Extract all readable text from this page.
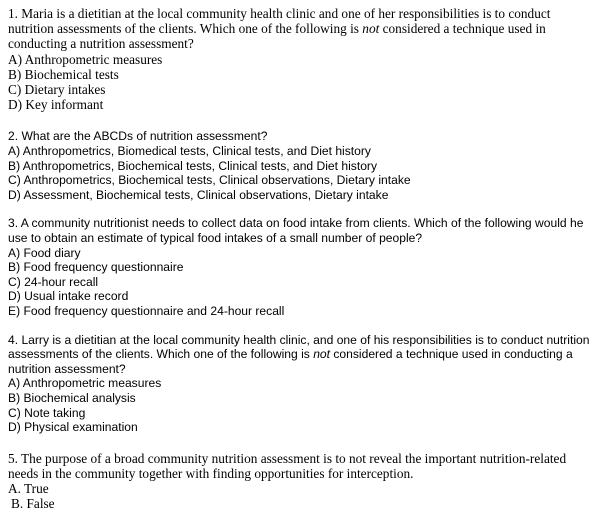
1. Maria is a dietitian at the local community health clinic and one of her responsibilities is to conduct nutrition assessments of the clients. Which one of the following is not considered a technique used in conducting a nutrition assessment?

A) Anthropometric measures
B) Biochemical tests
C) Dietary intakes
D) Key informant

2. What are the ABCDs of nutrition assessment?

A) Anthropometrics, Biomedical tests, Clinical tests, and Diet history
B) Anthropometrics, Biochemical tests, Clinical tests, and Diet history
C) Anthropometrics, Biochemical tests, Clinical observations, Dietary intake
D) Assessment, Biochemical tests, Clinical observations, Dietary intake

3. A community nutritionist needs to collect data on food intake from clients. Which of the following would he use to obtain an estimate of typical food intakes of a small number of people?

A) Food diary
B) Food frequency questionnaire
C) 24-hour recall
D) Usual intake record
E) Food frequency questionnaire and 24-hour recall

4. Larry is a dietitian at the local community health clinic, and one of his responsibilities is to conduct nutrition assessments of the clients. Which one of the following is not considered a technique used in conducting a nutrition assessment?

A) Anthropometric measures
B) Biochemical analysis
C) Note taking
D) Physical examination

5. The purpose of a broad community nutrition assessment is to not reveal the important nutrition-related needs in the community together with finding opportunities for interception.

A. True
B. False
